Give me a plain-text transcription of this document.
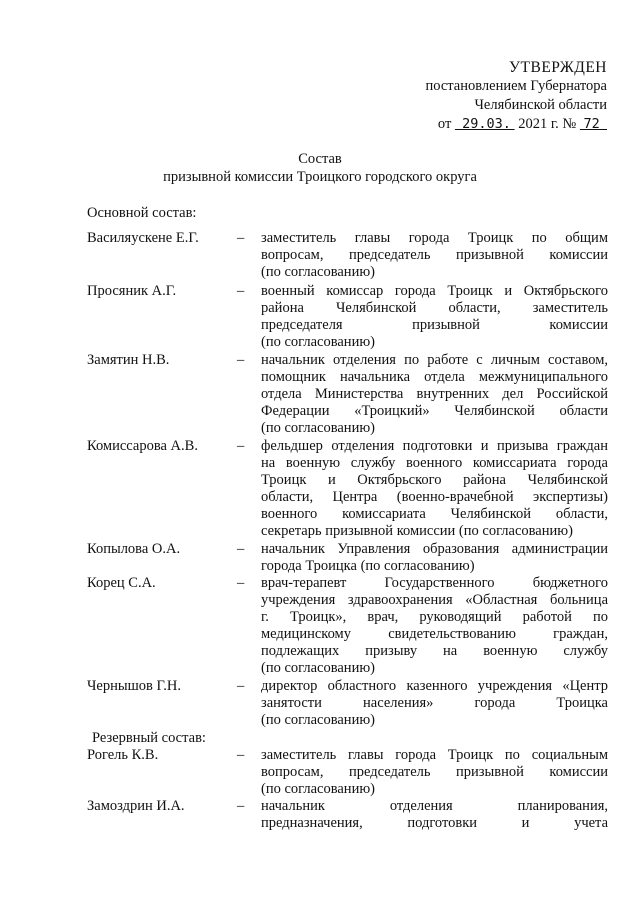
УТВЕРЖДЕН
постановлением Губернатора
Челябинской области
от 29.03. 2021 г. № 72
Состав
призывной комиссии Троицкого городского округа
Основной состав:
Василяускене Е.Г.	– заместитель главы города Троицк по общим
вопросам, председатель призывной комиссии
(по согласованию)
Просяник А.Г.	– военный комиссар города Троицк и Октябрьского
района Челябинской области, заместитель
председателя призывной комиссии
(по согласованию)
Замятин Н.В.	– начальник отделения по работе с личным составом,
помощник начальника отдела межмуниципального
отдела Министерства внутренних дел Российской
Федерации «Троицкий» Челябинской области
(по согласованию)
Комиссарова А.В.	– фельдшер отделения подготовки и призыва граждан
на военную службу военного комиссариата города
Троицк и Октябрьского района Челябинской
области, Центра (военно-врачебной экспертизы)
военного комиссариата Челябинской области,
секретарь призывной комиссии (по согласованию)
Копылова О.А.	– начальник Управления образования администрации
города Троицка (по согласованию)
Корец С.А.	– врач-терапевт Государственного бюджетного
учреждения здравоохранения «Областная больница
г. Троицк», врач, руководящий работой по
медицинскому свидетельствованию граждан,
подлежащих призыву на военную службу
(по согласованию)
Чернышов Г.Н.	– директор областного казенного учреждения «Центр
занятости населения» города Троицка
(по согласованию)
Резервный состав:
Рогель К.В.	– заместитель главы города Троицк по социальным
вопросам, председатель призывной комиссии
(по согласованию)
Замоздрин И.А.	– начальник отделения планирования,
предназначения, подготовки и учета
